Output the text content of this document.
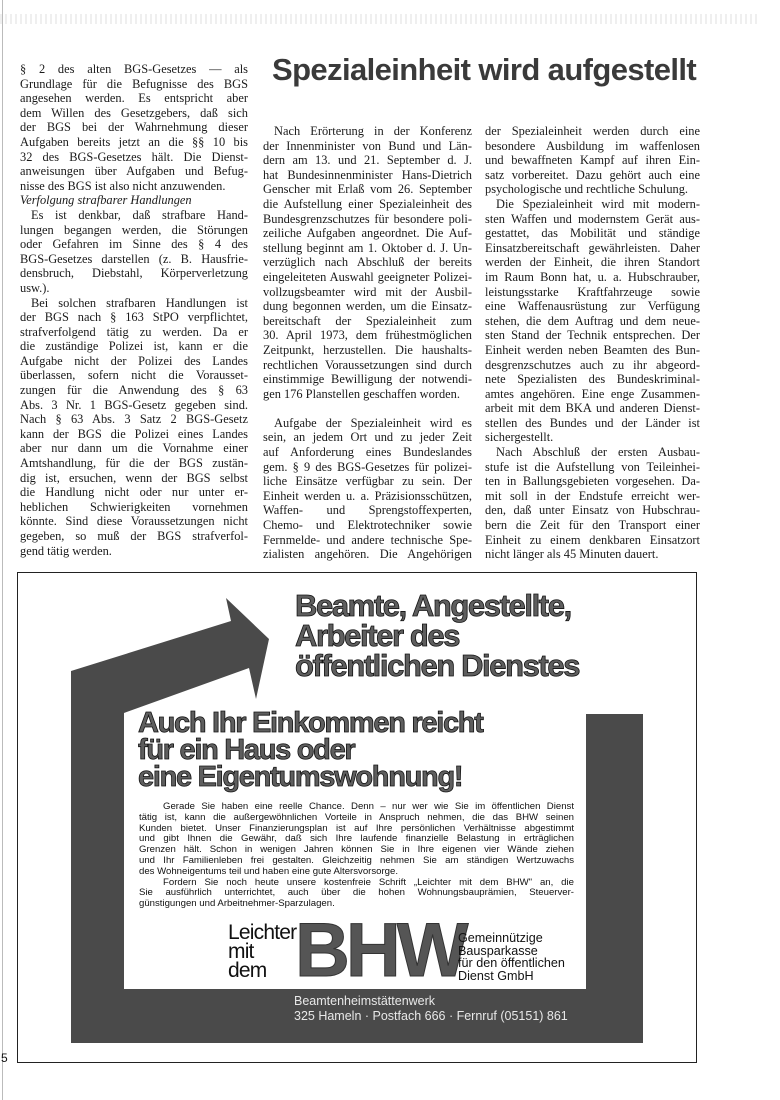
Spezialeinheit wird aufgestellt
§ 2 des alten BGS-Gesetzes — als
Grundlage für die Befugnisse des BGS
angesehen werden. Es entspricht aber
dem Willen des Gesetzgebers, daß sich
der BGS bei der Wahrnehmung dieser
Aufgaben bereits jetzt an die §§ 10 bis
32 des BGS-Gesetzes hält. Die Dienst-
anweisungen über Aufgaben und Befug-
nisse des BGS ist also nicht anzuwenden.
Verfolgung strafbarer Handlungen
Es ist denkbar, daß strafbare Hand-
lungen begangen werden, die Störungen
oder Gefahren im Sinne des § 4 des
BGS-Gesetzes darstellen (z. B. Hausfrie-
densbruch, Diebstahl, Körperverletzung
usw.).
Bei solchen strafbaren Handlungen ist
der BGS nach § 163 StPO verpflichtet,
strafverfolgend tätig zu werden. Da er
die zuständige Polizei ist, kann er die
Aufgabe nicht der Polizei des Landes
überlassen, sofern nicht die Vorausset-
zungen für die Anwendung des § 63
Abs. 3 Nr. 1 BGS-Gesetz gegeben sind.
Nach § 63 Abs. 3 Satz 2 BGS-Gesetz
kann der BGS die Polizei eines Landes
aber nur dann um die Vornahme einer
Amtshandlung, für die der BGS zustän-
dig ist, ersuchen, wenn der BGS selbst
die Handlung nicht oder nur unter er-
heblichen Schwierigkeiten vornehmen
könnte. Sind diese Voraussetzungen nicht
gegeben, so muß der BGS strafverfol-
gend tätig werden.
Nach Erörterung in der Konferenz
der Innenminister von Bund und Län-
dern am 13. und 21. September d. J.
hat Bundesinnenminister Hans-Dietrich
Genscher mit Erlaß vom 26. September
die Aufstellung einer Spezialeinheit des
Bundesgrenzschutzes für besondere poli-
zeiliche Aufgaben angeordnet. Die Auf-
stellung beginnt am 1. Oktober d. J. Un-
verzüglich nach Abschluß der bereits
eingeleiteten Auswahl geeigneter Polizei-
vollzugsbeamter wird mit der Ausbil-
dung begonnen werden, um die Einsatz-
bereitschaft der Spezialeinheit zum
30. April 1973, dem frühestmöglichen
Zeitpunkt, herzustellen. Die haushalts-
rechtlichen Voraussetzungen sind durch
einstimmige Bewilligung der notwendi-
gen 176 Planstellen geschaffen worden.
Aufgabe der Spezialeinheit wird es
sein, an jedem Ort und zu jeder Zeit
auf Anforderung eines Bundeslandes
gem. § 9 des BGS-Gesetzes für polizei-
liche Einsätze verfügbar zu sein. Der
Einheit werden u. a. Präzisionsschützen,
Waffen- und Sprengstoffexperten,
Chemo- und Elektrotechniker sowie
Fernmelde- und andere technische Spe-
zialisten angehören. Die Angehörigen
der Spezialeinheit werden durch eine
besondere Ausbildung im waffenlosen
und bewaffneten Kampf auf ihren Ein-
satz vorbereitet. Dazu gehört auch eine
psychologische und rechtliche Schulung.
Die Spezialeinheit wird mit modern-
sten Waffen und modernstem Gerät aus-
gestattet, das Mobilität und ständige
Einsatzbereitschaft gewährleisten. Daher
werden der Einheit, die ihren Standort
im Raum Bonn hat, u. a. Hubschrauber,
leistungsstarke Kraftfahrzeuge sowie
eine Waffenausrüstung zur Verfügung
stehen, die dem Auftrag und dem neue-
sten Stand der Technik entsprechen. Der
Einheit werden neben Beamten des Bun-
desgrenzschutzes auch zu ihr abgeord-
nete Spezialisten des Bundeskriminal-
amtes angehören. Eine enge Zusammen-
arbeit mit dem BKA und anderen Dienst-
stellen des Bundes und der Länder ist
sichergestellt.
Nach Abschluß der ersten Ausbau-
stufe ist die Aufstellung von Teileinhei-
ten in Ballungsgebieten vorgesehen. Da-
mit soll in der Endstufe erreicht wer-
den, daß unter Einsatz von Hubschrau-
bern die Zeit für den Transport einer
Einheit zu einem denkbaren Einsatzort
nicht länger als 45 Minuten dauert.
Beamte, Angestellte,
Arbeiter des
öffentlichen Dienstes
Auch Ihr Einkommen reicht
für ein Haus oder
eine Eigentumswohnung!
Gerade Sie haben eine reelle Chance. Denn – nur wer wie Sie im öffentlichen Dienst
tätig ist, kann die außergewöhnlichen Vorteile in Anspruch nehmen, die das BHW seinen
Kunden bietet. Unser Finanzierungsplan ist auf Ihre persönlichen Verhältnisse abgestimmt
und gibt Ihnen die Gewähr, daß sich Ihre laufende finanzielle Belastung in erträglichen
Grenzen hält. Schon in wenigen Jahren können Sie in Ihre eigenen vier Wände ziehen
und Ihr Familienleben frei gestalten. Gleichzeitig nehmen Sie am ständigen Wertzuwachs
des Wohneigentums teil und haben eine gute Altersvorsorge.
Fordern Sie noch heute unsere kostenfreie Schrift „Leichter mit dem BHW" an, die
Sie ausführlich unterrichtet, auch über die hohen Wohnungsbauprämien, Steuerver-
günstigungen und Arbeitnehmer-Sparzulagen.
Leichter
mit
dem BHW
Gemeinnützige
Bausparkasse
für den öffentlichen
Dienst GmbH
Beamtenheimstättenwerk
325 Hameln · Postfach 666 · Fernruf (05151) 861
5
